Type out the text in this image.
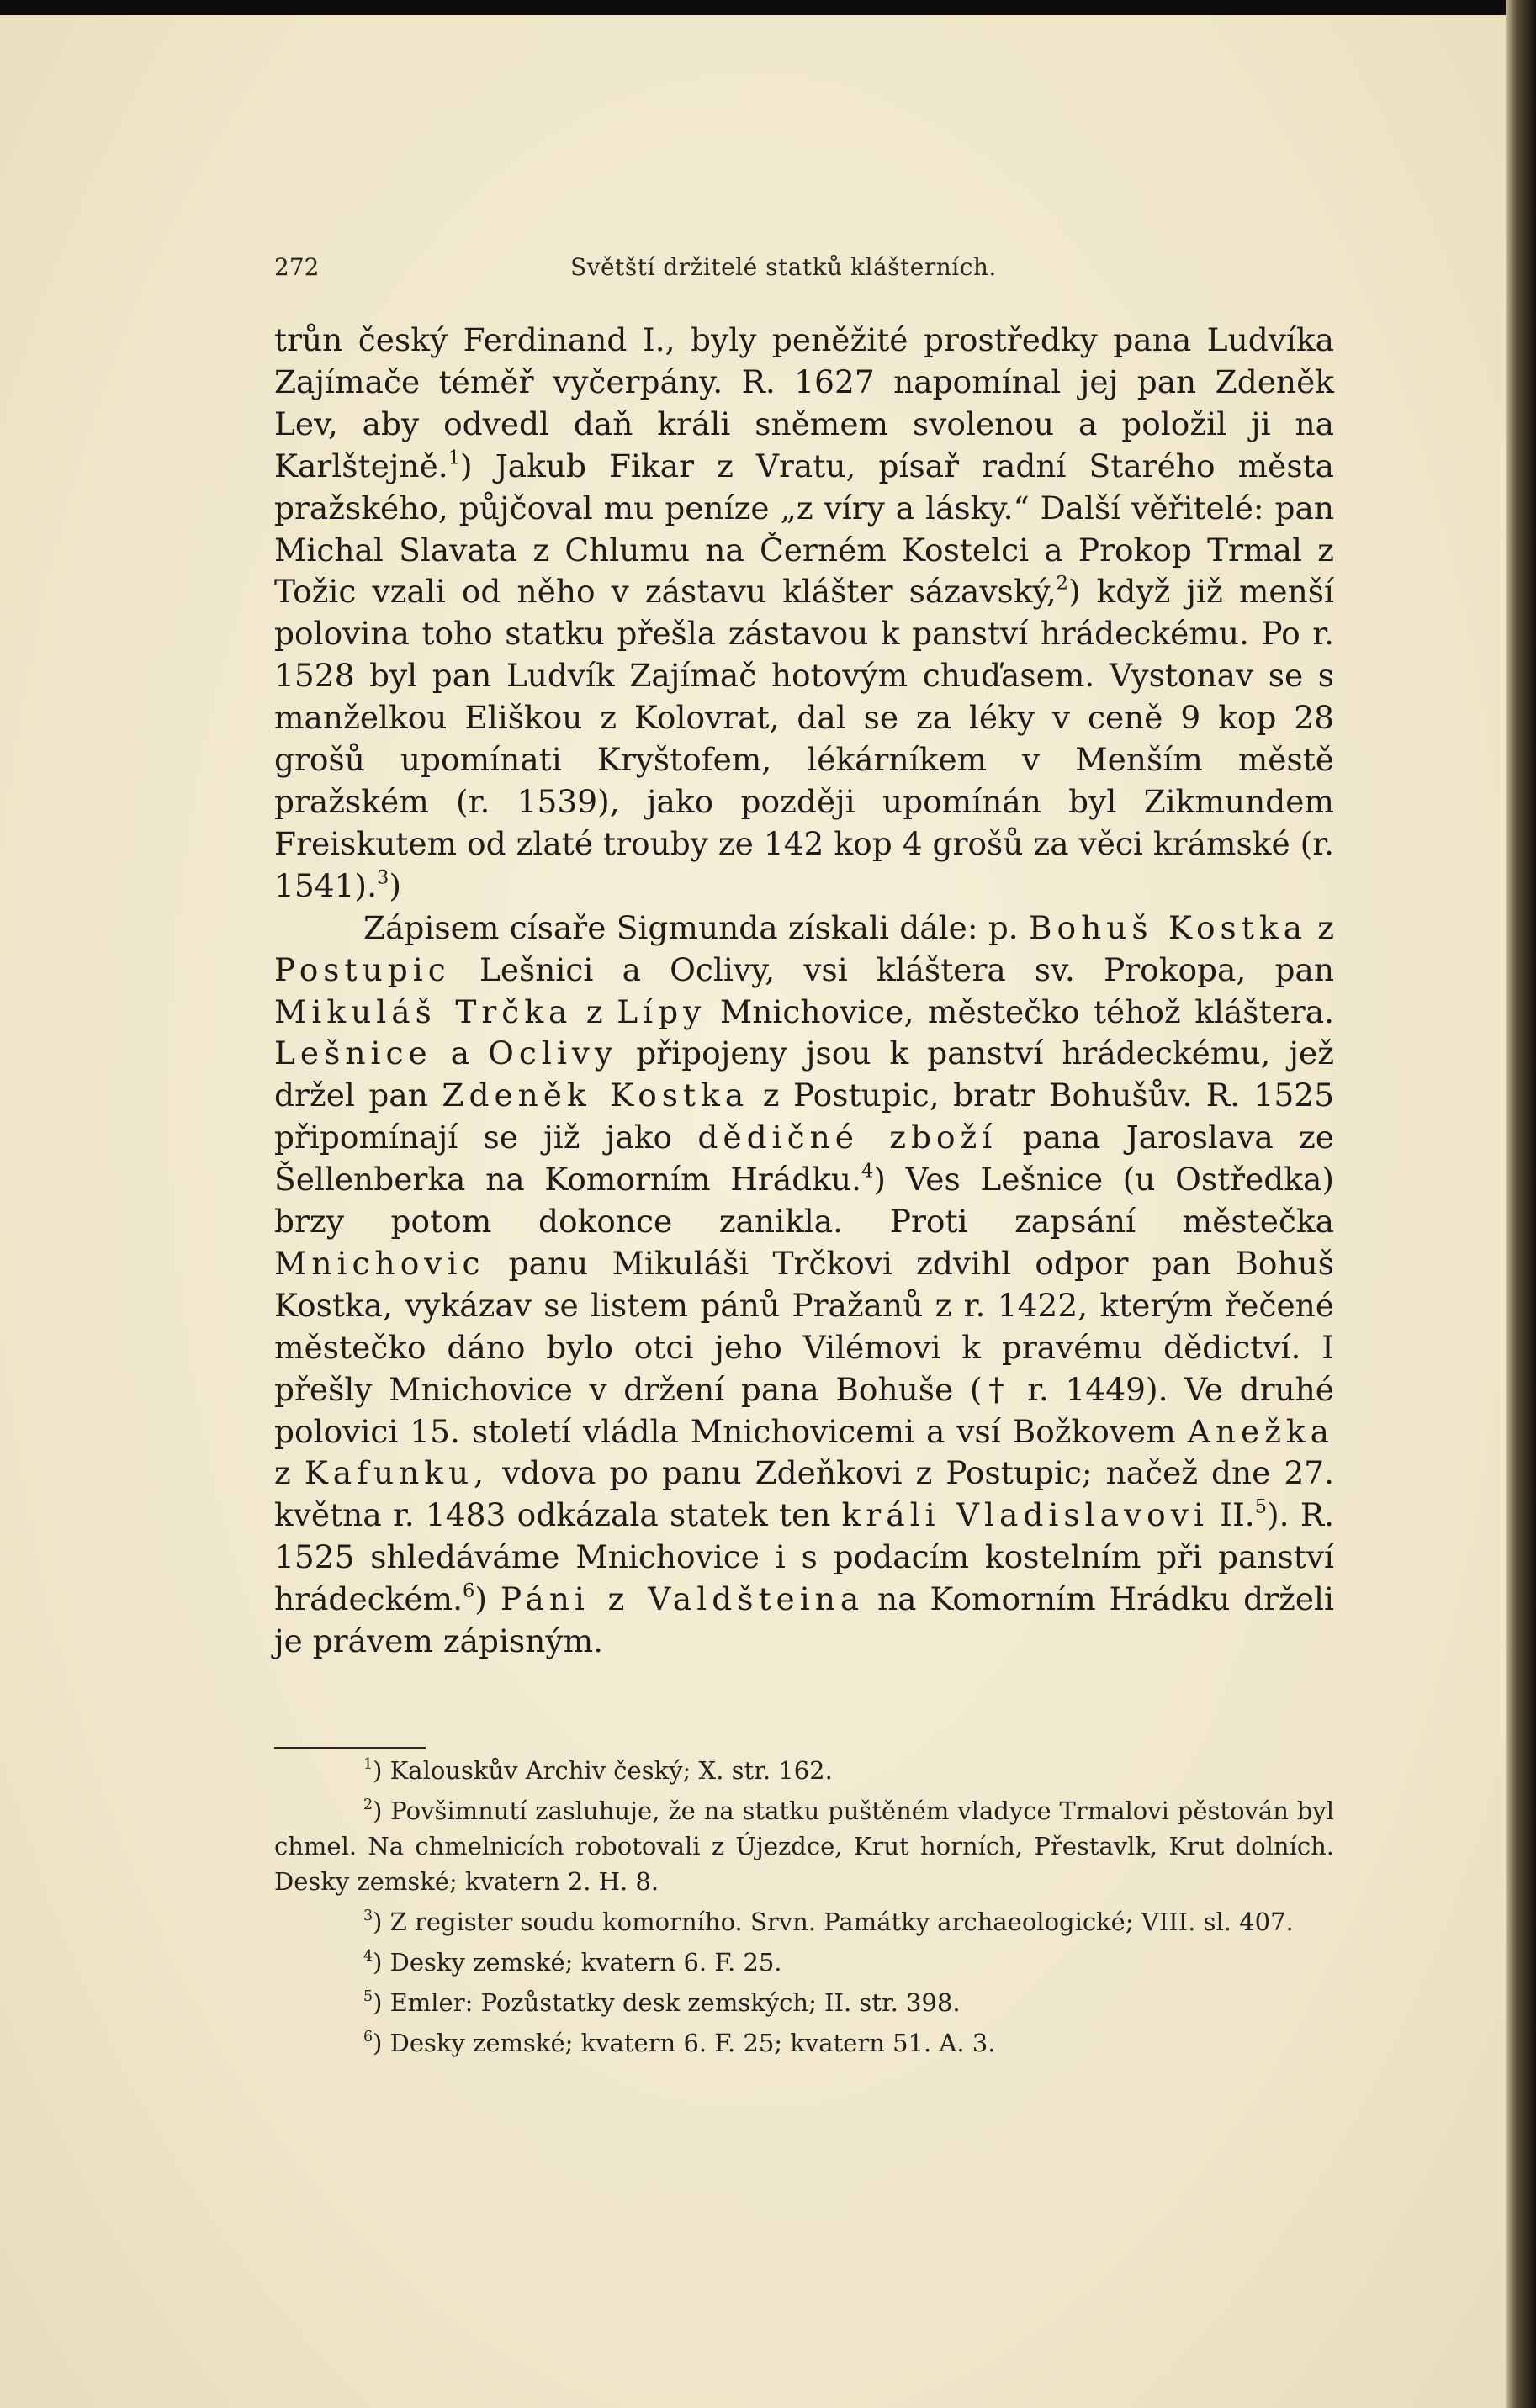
272	Světští držitelé statků klášterních.

trůn český Ferdinand I., byly peněžité prostředky pana Ludvíka Zajímače téměř vyčerpány. R. 1627 napomínal jej pan Zdeněk Lev, aby odvedl daň králi sněmem svolenou a položil ji na Karlštejně.$^1$) Jakub Fikar z Vratu, písař radní Starého města pražského, půjčoval mu peníze „z víry a lásky.“ Další věřitelé: pan Michal Slavata z Chlumu na Černém Kostelci a Prokop Trmal z Tožic vzali od něho v zástavu klášter sázavský,$^2$) když již menší polovina toho statku přešla zástavou k panství hrádeckému. Po r. 1528 byl pan Ludvík Zajímač hotovým chuďasem. Vystonav se s manželkou Eliškou z Kolovrat, dal se za léky v ceně 9 kop 28 grošů upomínati Kryštofem, lékárníkem v Menším městě pražském (r. 1539), jako později upomínán byl Zikmundem Freiskutem od zlaté trouby ze 142 kop 4 grošů za věci krámské (r. 1541).$^3$)

Zápisem císaře Sigmunda získali dále: p. Bohuš Kostka z Postupic Lešnici a Oclivy, vsi kláštera sv. Prokopa, pan Mikuláš Trčka z Lípy Mnichovice, městečko téhož kláštera. Lešnice a Oclivy připojeny jsou k panství hrádeckému, jež držel pan Zdeněk Kostka z Postupic, bratr Bohušův. R. 1525 připomínají se již jako dědičné zboží pana Jaroslava ze Šellenberka na Komorním Hrádku.$^4$) Ves Lešnice (u Ostředka) brzy potom dokonce zanikla. Proti zapsání městečka Mnichovic panu Mikuláši Trčkovi zdvihl odpor pan Bohuš Kostka, vykázav se listem pánů Pražanů z r. 1422, kterým řečené městečko dáno bylo otci jeho Vilémovi k pravému dědictví. I přešly Mnichovice v držení pana Bohuše († r. 1449). Ve druhé polovici 15. století vládla Mnichovicemi a vsí Božkovem Anežka z Kafunku, vdova po panu Zdeňkovi z Postupic; načež dne 27. května r. 1483 odkázala statek ten králi Vladislavovi II.$^5$). R. 1525 shledáváme Mnichovice i s podacím kostelním při panství hrádeckém.$^6$) Páni z Valdšteina na Komorním Hrádku drželi je právem zápisným.

$^1$) Kalouskův Archiv český; X. str. 162.

$^2$) Povšimnutí zasluhuje, že na statku puštěném vladyce Trmalovi pěstován byl chmel. Na chmelnicích robotovali z Újezdce, Krut horních, Přestavlk, Krut dolních. Desky zemské; kvatern 2. H. 8.

$^3$) Z register soudu komorního. Srvn. Památky archaeologické; VIII. sl. 407.

$^4$) Desky zemské; kvatern 6. F. 25.

$^5$) Emler: Pozůstatky desk zemských; II. str. 398.

$^6$) Desky zemské; kvatern 6. F. 25; kvatern 51. A. 3.
